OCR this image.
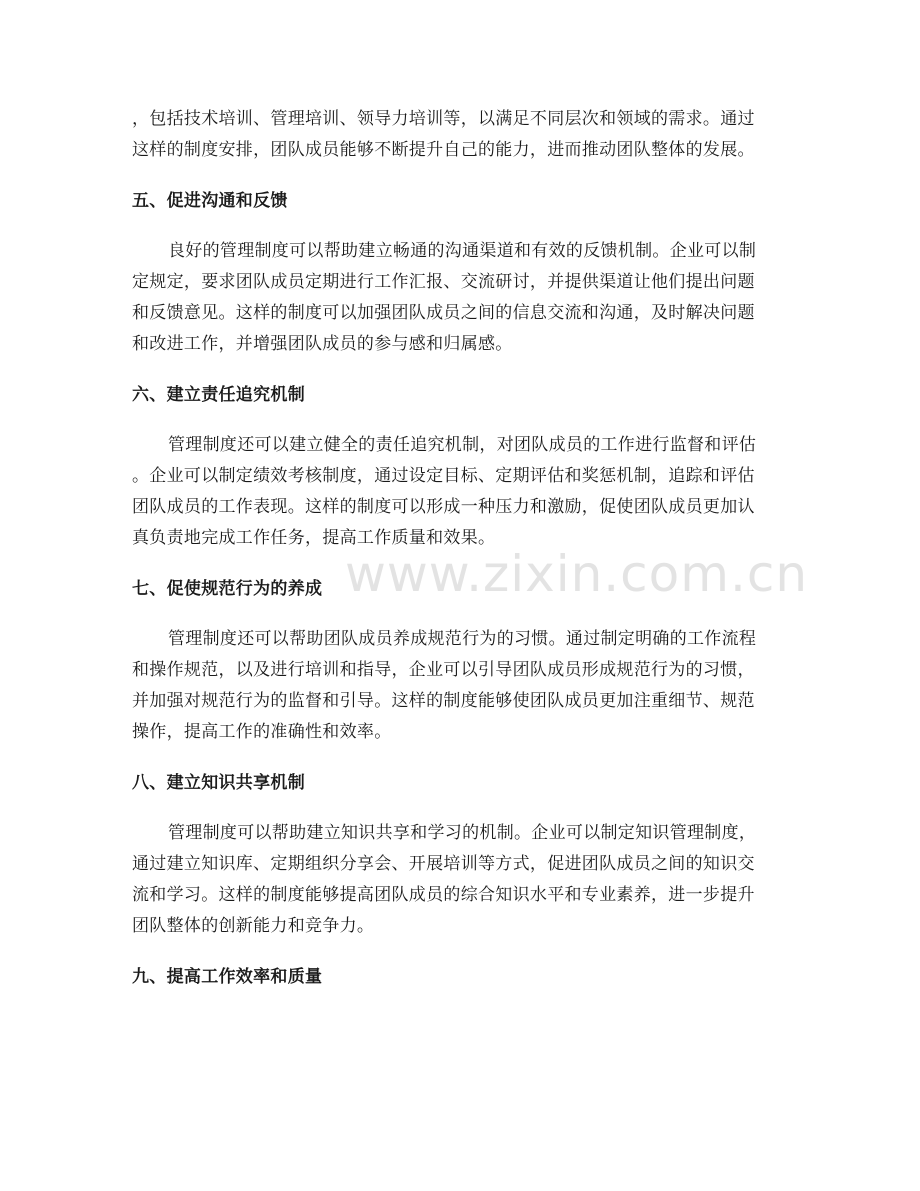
，包括技术培训、管理培训、领导力培训等，以满足不同层次和领域的需求。通过
这样的制度安排，团队成员能够不断提升自己的能力，进而推动团队整体的发展。

五、促进沟通和反馈

良好的管理制度可以帮助建立畅通的沟通渠道和有效的反馈机制。企业可以制
定规定，要求团队成员定期进行工作汇报、交流研讨，并提供渠道让他们提出问题
和反馈意见。这样的制度可以加强团队成员之间的信息交流和沟通，及时解决问题
和改进工作，并增强团队成员的参与感和归属感。

六、建立责任追究机制

管理制度还可以建立健全的责任追究机制，对团队成员的工作进行监督和评估
。企业可以制定绩效考核制度，通过设定目标、定期评估和奖惩机制，追踪和评估
团队成员的工作表现。这样的制度可以形成一种压力和激励，促使团队成员更加认
真负责地完成工作任务，提高工作质量和效果。

七、促使规范行为的养成

管理制度还可以帮助团队成员养成规范行为的习惯。通过制定明确的工作流程
和操作规范，以及进行培训和指导，企业可以引导团队成员形成规范行为的习惯，
并加强对规范行为的监督和引导。这样的制度能够使团队成员更加注重细节、规范
操作，提高工作的准确性和效率。

八、建立知识共享机制

管理制度可以帮助建立知识共享和学习的机制。企业可以制定知识管理制度，
通过建立知识库、定期组织分享会、开展培训等方式，促进团队成员之间的知识交
流和学习。这样的制度能够提高团队成员的综合知识水平和专业素养，进一步提升
团队整体的创新能力和竞争力。

九、提高工作效率和质量
www.zixin.com.cn
